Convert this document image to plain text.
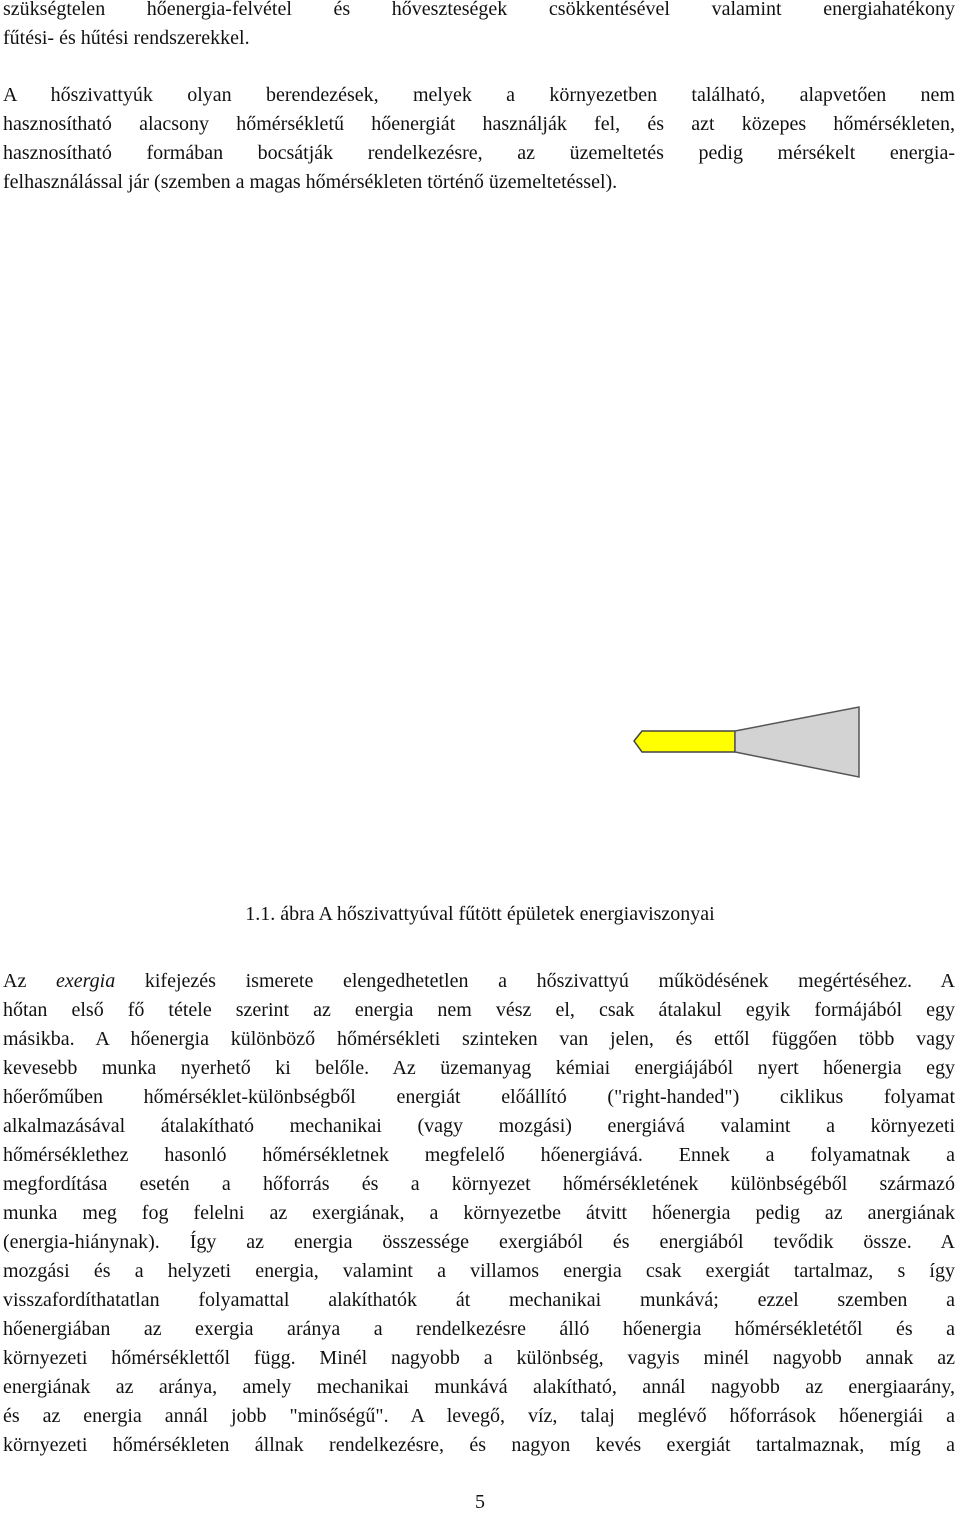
szükségtelen hőenergia-felvétel és hőveszteségek csökkentésével valamint energiahatékony
fűtési- és hűtési rendszerekkel.
A hőszivattyúk olyan berendezések, melyek a környezetben található, alapvetően nem
hasznosítható alacsony hőmérsékletű hőenergiát használják fel, és azt közepes hőmérsékleten,
hasznosítható formában bocsátják rendelkezésre, az üzemeltetés pedig mérsékelt energia-
felhasználással jár (szemben a magas hőmérsékleten történő üzemeltetéssel).

1.1. ábra A hőszivattyúval fűtött épületek energiaviszonyai

Az exergia kifejezés ismerete elengedhetetlen a hőszivattyú működésének megértéséhez. A
hőtan első fő tétele szerint az energia nem vész el, csak átalakul egyik formájából egy
másikba. A hőenergia különböző hőmérsékleti szinteken van jelen, és ettől függően több vagy
kevesebb munka nyerhető ki belőle. Az üzemanyag kémiai energiájából nyert hőenergia egy
hőerőműben hőmérséklet-különbségből energiát előállító ("right-handed") ciklikus folyamat
alkalmazásával átalakítható mechanikai (vagy mozgási) energiává valamint a környezeti
hőmérséklethez hasonló hőmérsékletnek megfelelő hőenergiává. Ennek a folyamatnak a
megfordítása esetén a hőforrás és a környezet hőmérsékletének különbségéből származó
munka meg fog felelni az exergiának, a környezetbe átvitt hőenergia pedig az anergiának
(energia-hiánynak). Így az energia összessége exergiából és energiából tevődik össze. A
mozgási és a helyzeti energia, valamint a villamos energia csak exergiát tartalmaz, s így
visszafordíthatatlan folyamattal alakíthatók át mechanikai munkává; ezzel szemben a
hőenergiában az exergia aránya a rendelkezésre álló hőenergia hőmérsékletétől és a
környezeti hőmérséklettől függ. Minél nagyobb a különbség, vagyis minél nagyobb annak az
energiának az aránya, amely mechanikai munkává alakítható, annál nagyobb az energiaarány,
és az energia annál jobb "minőségű". A levegő, víz, talaj meglévő hőforrások hőenergiái a
környezeti hőmérsékleten állnak rendelkezésre, és nagyon kevés exergiát tartalmaznak, míg a

5
